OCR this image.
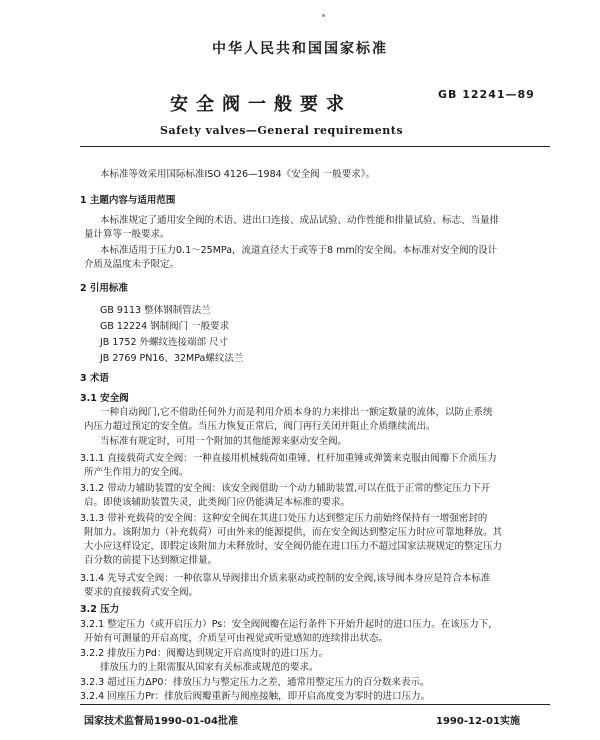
中华人民共和国国家标准
安全阀一般要求	GB 12241—89
Safety valves—General requirements
本标准等效采用国际标准ISO 4126—1984《安全阀 一般要求》。
1 主题内容与适用范围
本标准规定了通用安全阀的术语、进出口连接、成品试验、动作性能和排量试验、标志、当量排
量计算等一般要求。
本标准适用于压力0.1～25MPa，流道直径大于或等于8 mm的安全阀。本标准对安全阀的设计
介质及温度未予限定。
2 引用标准
GB 9113 整体钢制管法兰
GB 12224 钢制阀门 一般要求
JB 1752 外螺纹连接端部 尺寸
JB 2769 PN16、32MPa螺纹法兰
3 术语
3.1 安全阀
一种自动阀门,它不借助任何外力而是利用介质本身的力来排出一额定数量的流体，以防止系统
内压力超过预定的安全值。当压力恢复正常后，阀门再行关闭并阻止介质继续流出。
当标准有规定时，可用一个附加的其他能源来驱动安全阀。
3.1.1 直接载荷式安全阀：一种直接用机械载荷如重锤、杠杆加重锤或弹簧来克服由阀瓣下介质压力
所产生作用力的安全阀。
3.1.2 带动力辅助装置的安全阀：该安全阀借助一个动力辅助装置,可以在低于正常的整定压力下开
启。即使该辅助装置失灵，此类阀门应仍能满足本标准的要求。
3.1.3 带补充载荷的安全阀：这种安全阀在其进口处压力达到整定压力前始终保持有一增强密封的
附加力。该附加力（补充载荷）可由外来的能源提供，而在安全阀达到整定压力时应可靠地释放。其
大小应这样设定，即假定该附加力未释放时，安全阀仍能在进口压力不超过国家法规规定的整定压力
百分数的前提下达到额定排量。
3.1.4 先导式安全阀：一种依靠从导阀排出介质来驱动或控制的安全阀,该导阀本身应是符合本标准
要求的直接载荷式安全阀。
3.2 压力
3.2.1 整定压力（或开启压力）Ps：安全阀阀瓣在运行条件下开始升起时的进口压力。在该压力下，
开始有可测量的开启高度，介质呈可由视觉或听觉感知的连续排出状态。
3.2.2 排放压力Pd：阀瓣达到规定开启高度时的进口压力。
排放压力的上限需服从国家有关标准或规范的要求。
3.2.3 超过压力ΔP0：排放压力与整定压力之差，通常用整定压力的百分数来表示。
3.2.4 回座压力Pr：排放后阀瓣重新与阀座接触，即开启高度变为零时的进口压力。
国家技术监督局1990-01-04批准	1990-12-01实施
